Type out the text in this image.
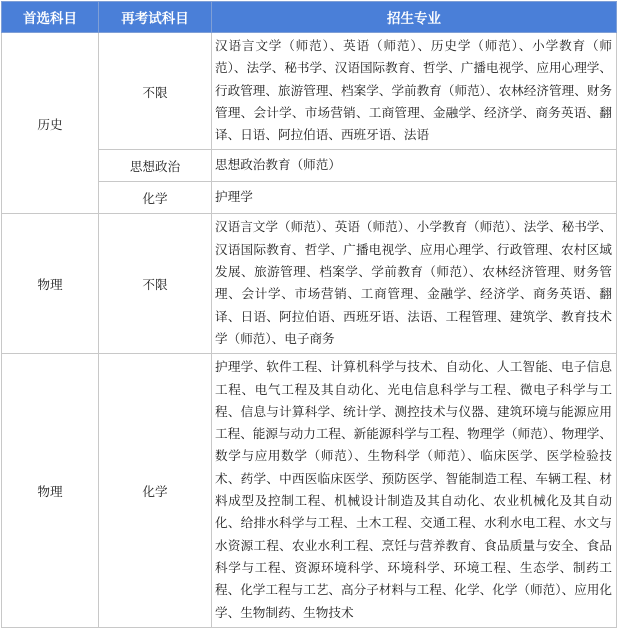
首选科目	再考试科目	招生专业
历史	不限	汉语言文学（师范）、英语（师范）、历史学（师范）、小学教育（师范）、法学、秘书学、汉语国际教育、哲学、广播电视学、应用心理学、行政管理、旅游管理、档案学、学前教育（师范）、农林经济管理、财务管理、会计学、市场营销、工商管理、金融学、经济学、商务英语、翻译、日语、阿拉伯语、西班牙语、法语
	思想政治	思想政治教育（师范）
	化学	护理学
物理	不限	汉语言文学（师范）、英语（师范）、小学教育（师范）、法学、秘书学、汉语国际教育、哲学、广播电视学、应用心理学、行政管理、农村区域发展、旅游管理、档案学、学前教育（师范）、农林经济管理、财务管理、会计学、市场营销、工商管理、金融学、经济学、商务英语、翻译、日语、阿拉伯语、西班牙语、法语、工程管理、建筑学、教育技术学（师范）、电子商务
物理	化学	护理学、软件工程、计算机科学与技术、自动化、人工智能、电子信息工程、电气工程及其自动化、光电信息科学与工程、微电子科学与工程、信息与计算科学、统计学、测控技术与仪器、建筑环境与能源应用工程、能源与动力工程、新能源科学与工程、物理学（师范）、物理学、数学与应用数学（师范）、生物科学（师范）、临床医学、医学检验技术、药学、中西医临床医学、预防医学、智能制造工程、车辆工程、材料成型及控制工程、机械设计制造及其自动化、农业机械化及其自动化、给排水科学与工程、土木工程、交通工程、水利水电工程、水文与水资源工程、农业水利工程、烹饪与营养教育、食品质量与安全、食品科学与工程、资源环境科学、环境科学、环境工程、生态学、制药工程、化学工程与工艺、高分子材料与工程、化学、化学（师范）、应用化学、生物制药、生物技术
